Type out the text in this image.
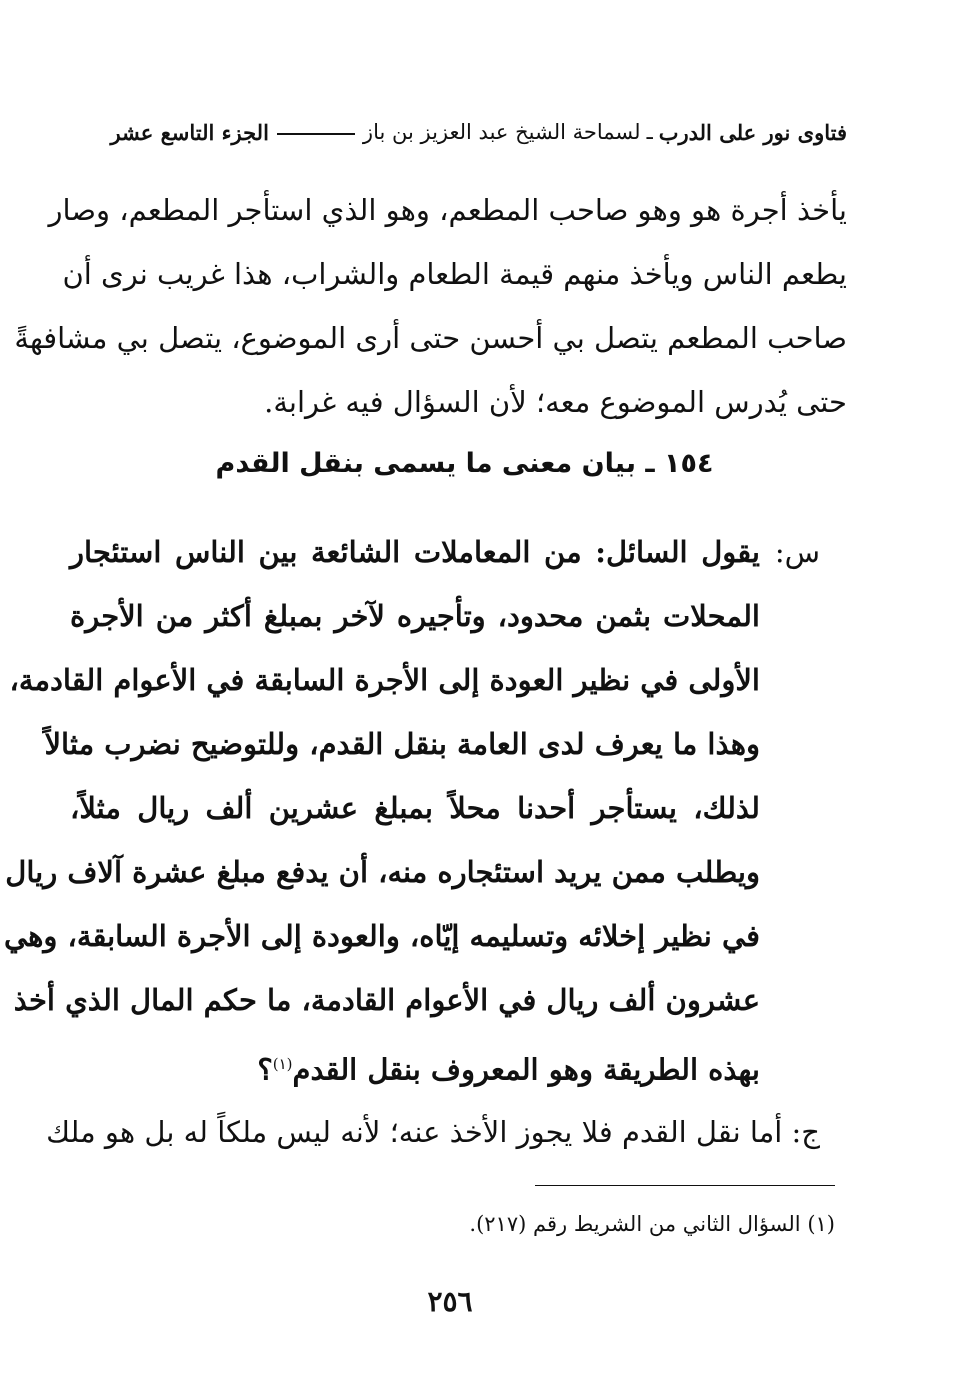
فتاوى نور على الدرب
ـ
لسماحة الشيخ عبد العزيز بن باز
الجزء التاسع عشر
يأخذ أجرة هو وهو صاحب المطعم، وهو الذي استأجر المطعم، وصار
يطعم الناس ويأخذ منهم قيمة الطعام والشراب، هذا غريب نرى أن
صاحب المطعم يتصل بي أحسن حتى أرى الموضوع، يتصل بي مشافهةً
حتى يُدرس الموضوع معه؛ لأن السؤال فيه غرابة.
١٥٤ ـ بيان معنى ما يسمى بنقل القدم
س:
يقول السائل: من المعاملات الشائعة بين الناس استئجار
المحلات بثمن محدود، وتأجيره لآخر بمبلغ أكثر من الأجرة
الأولى في نظير العودة إلى الأجرة السابقة في الأعوام القادمة،
وهذا ما يعرف لدى العامة بنقل القدم، وللتوضيح نضرب مثالاً
لذلك، يستأجر أحدنا محلاً بمبلغ عشرين ألف ريال مثلاً،
ويطلب ممن يريد استئجاره منه، أن يدفع مبلغ عشرة آلاف ريال
في نظير إخلائه وتسليمه إيّاه، والعودة إلى الأجرة السابقة، وهي
عشرون ألف ريال في الأعوام القادمة، ما حكم المال الذي أخذ
بهذه الطريقة وهو المعروف بنقل القدم$^{(١)}$؟
ج: أما نقل القدم فلا يجوز الأخذ عنه؛ لأنه ليس ملكاً له بل هو ملك
(١) السؤال الثاني من الشريط رقم (٢١٧).
٢٥٦
